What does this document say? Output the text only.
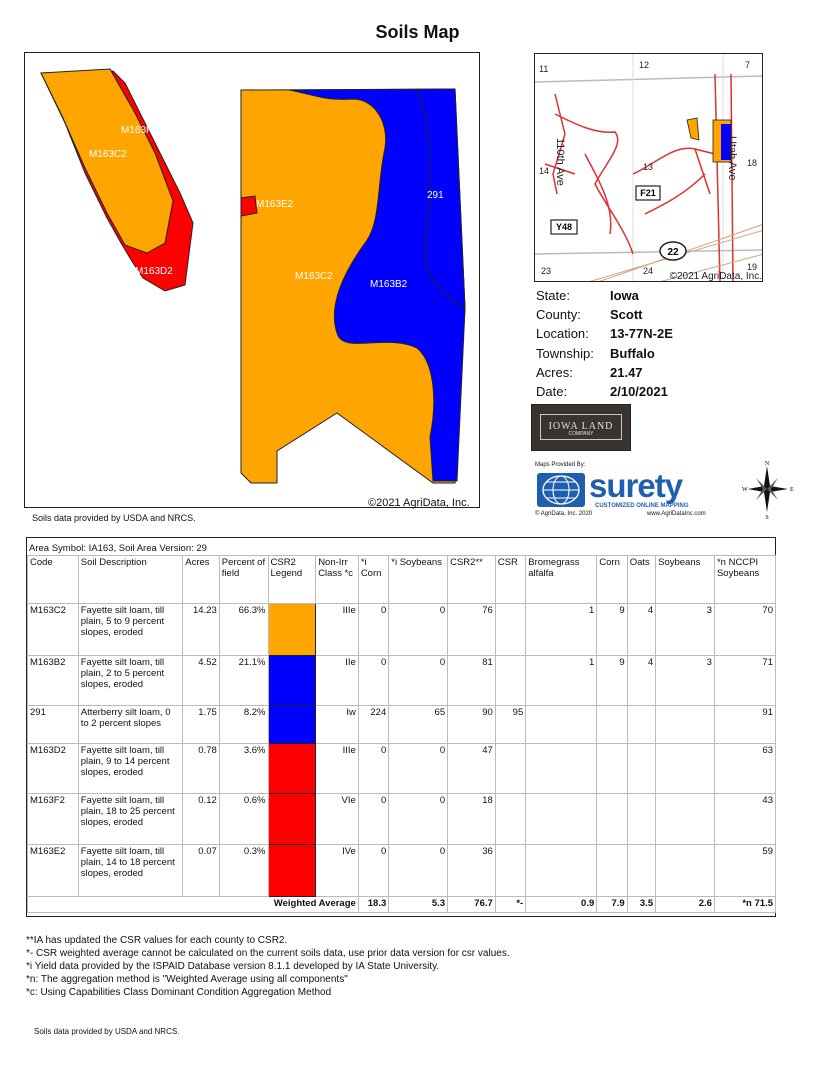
Soils Map
M163F2
M163C2
M163D2
M163E2
291
M163C2
M163B2
©2021 AgriData, Inc.
Soils data provided by USDA and NRCS.
11	12	7
14	13	18
23	24	19
110th Ave	Utah Ave
Y48
F21
22
©2021 AgriData, Inc.
State:	Iowa
County:	Scott
Location:	13-77N-2E
Township:	Buffalo
Acres:	21.47
Date:	2/10/2021
IOWA LAND
COMPANY
Maps Provided By:
surety
CUSTOMIZED ONLINE MAPPING
© AgriData, Inc. 2020	www.AgriDataInc.com
N
S
W	E
Area Symbol: IA163, Soil Area Version: 29
Code	Soil Description	Acres	Percent of field	CSR2 Legend	Non-Irr Class *c	*i Corn	*i Soybeans	CSR2**	CSR	Bromegrass alfalfa	Corn	Oats	Soybeans	*n NCCPI Soybeans
M163C2	Fayette silt loam, till plain, 5 to 9 percent slopes, eroded	14.23	66.3%		IIIe	0	0	76		1	9	4	3	70
M163B2	Fayette silt loam, till plain, 2 to 5 percent slopes, eroded	4.52	21.1%		IIe	0	0	81		1	9	4	3	71
291	Atterberry silt loam, 0 to 2 percent slopes	1.75	8.2%		Iw	224	65	90	95					91
M163D2	Fayette silt loam, till plain, 9 to 14 percent slopes, eroded	0.78	3.6%		IIIe	0	0	47						63
M163F2	Fayette silt loam, till plain, 18 to 25 percent slopes, eroded	0.12	0.6%		VIe	0	0	18						43
M163E2	Fayette silt loam, till plain, 14 to 18 percent slopes, eroded	0.07	0.3%		IVe	0	0	36						59
Weighted Average						18.3	5.3	76.7	*-	0.9	7.9	3.5	2.6	*n 71.5
**IA has updated the CSR values for each county to CSR2.
*- CSR weighted average cannot be calculated on the current soils data, use prior data version for csr values.
*i Yield data provided by the ISPAID Database version 8.1.1 developed by IA State University.
*n: The aggregation method is "Weighted Average using all components"
*c: Using Capabilities Class Dominant Condition Aggregation Method
Soils data provided by USDA and NRCS.
